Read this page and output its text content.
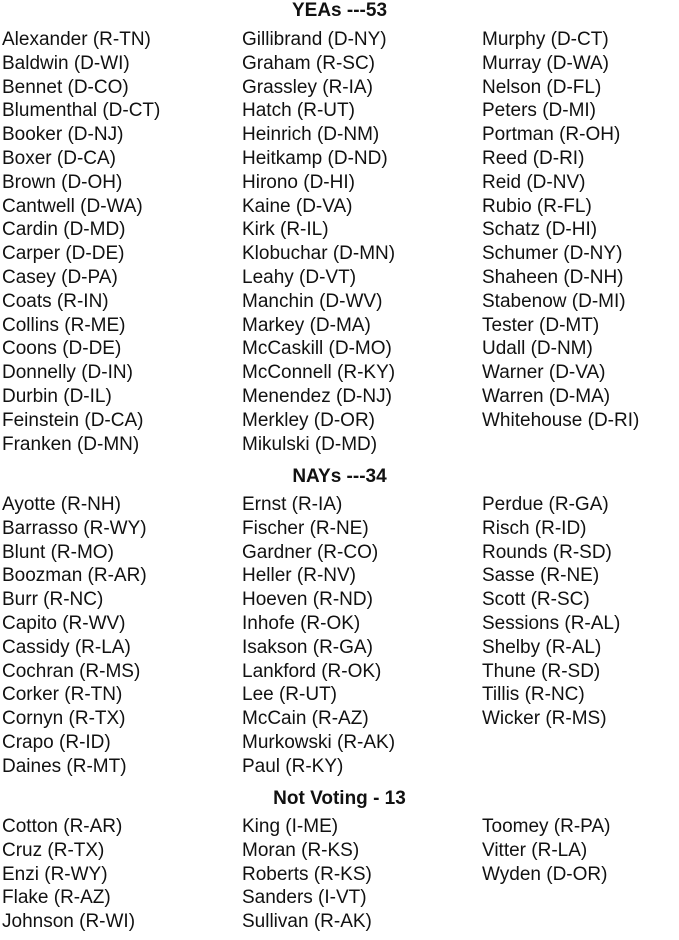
YEAs ---53
Alexander (R-TN)
Baldwin (D-WI)
Bennet (D-CO)
Blumenthal (D-CT)
Booker (D-NJ)
Boxer (D-CA)
Brown (D-OH)
Cantwell (D-WA)
Cardin (D-MD)
Carper (D-DE)
Casey (D-PA)
Coats (R-IN)
Collins (R-ME)
Coons (D-DE)
Donnelly (D-IN)
Durbin (D-IL)
Feinstein (D-CA)
Franken (D-MN)
Gillibrand (D-NY)
Graham (R-SC)
Grassley (R-IA)
Hatch (R-UT)
Heinrich (D-NM)
Heitkamp (D-ND)
Hirono (D-HI)
Kaine (D-VA)
Kirk (R-IL)
Klobuchar (D-MN)
Leahy (D-VT)
Manchin (D-WV)
Markey (D-MA)
McCaskill (D-MO)
McConnell (R-KY)
Menendez (D-NJ)
Merkley (D-OR)
Mikulski (D-MD)
Murphy (D-CT)
Murray (D-WA)
Nelson (D-FL)
Peters (D-MI)
Portman (R-OH)
Reed (D-RI)
Reid (D-NV)
Rubio (R-FL)
Schatz (D-HI)
Schumer (D-NY)
Shaheen (D-NH)
Stabenow (D-MI)
Tester (D-MT)
Udall (D-NM)
Warner (D-VA)
Warren (D-MA)
Whitehouse (D-RI)
NAYs ---34
Ayotte (R-NH)
Barrasso (R-WY)
Blunt (R-MO)
Boozman (R-AR)
Burr (R-NC)
Capito (R-WV)
Cassidy (R-LA)
Cochran (R-MS)
Corker (R-TN)
Cornyn (R-TX)
Crapo (R-ID)
Daines (R-MT)
Ernst (R-IA)
Fischer (R-NE)
Gardner (R-CO)
Heller (R-NV)
Hoeven (R-ND)
Inhofe (R-OK)
Isakson (R-GA)
Lankford (R-OK)
Lee (R-UT)
McCain (R-AZ)
Murkowski (R-AK)
Paul (R-KY)
Perdue (R-GA)
Risch (R-ID)
Rounds (R-SD)
Sasse (R-NE)
Scott (R-SC)
Sessions (R-AL)
Shelby (R-AL)
Thune (R-SD)
Tillis (R-NC)
Wicker (R-MS)
Not Voting - 13
Cotton (R-AR)
Cruz (R-TX)
Enzi (R-WY)
Flake (R-AZ)
Johnson (R-WI)
King (I-ME)
Moran (R-KS)
Roberts (R-KS)
Sanders (I-VT)
Sullivan (R-AK)
Toomey (R-PA)
Vitter (R-LA)
Wyden (D-OR)
